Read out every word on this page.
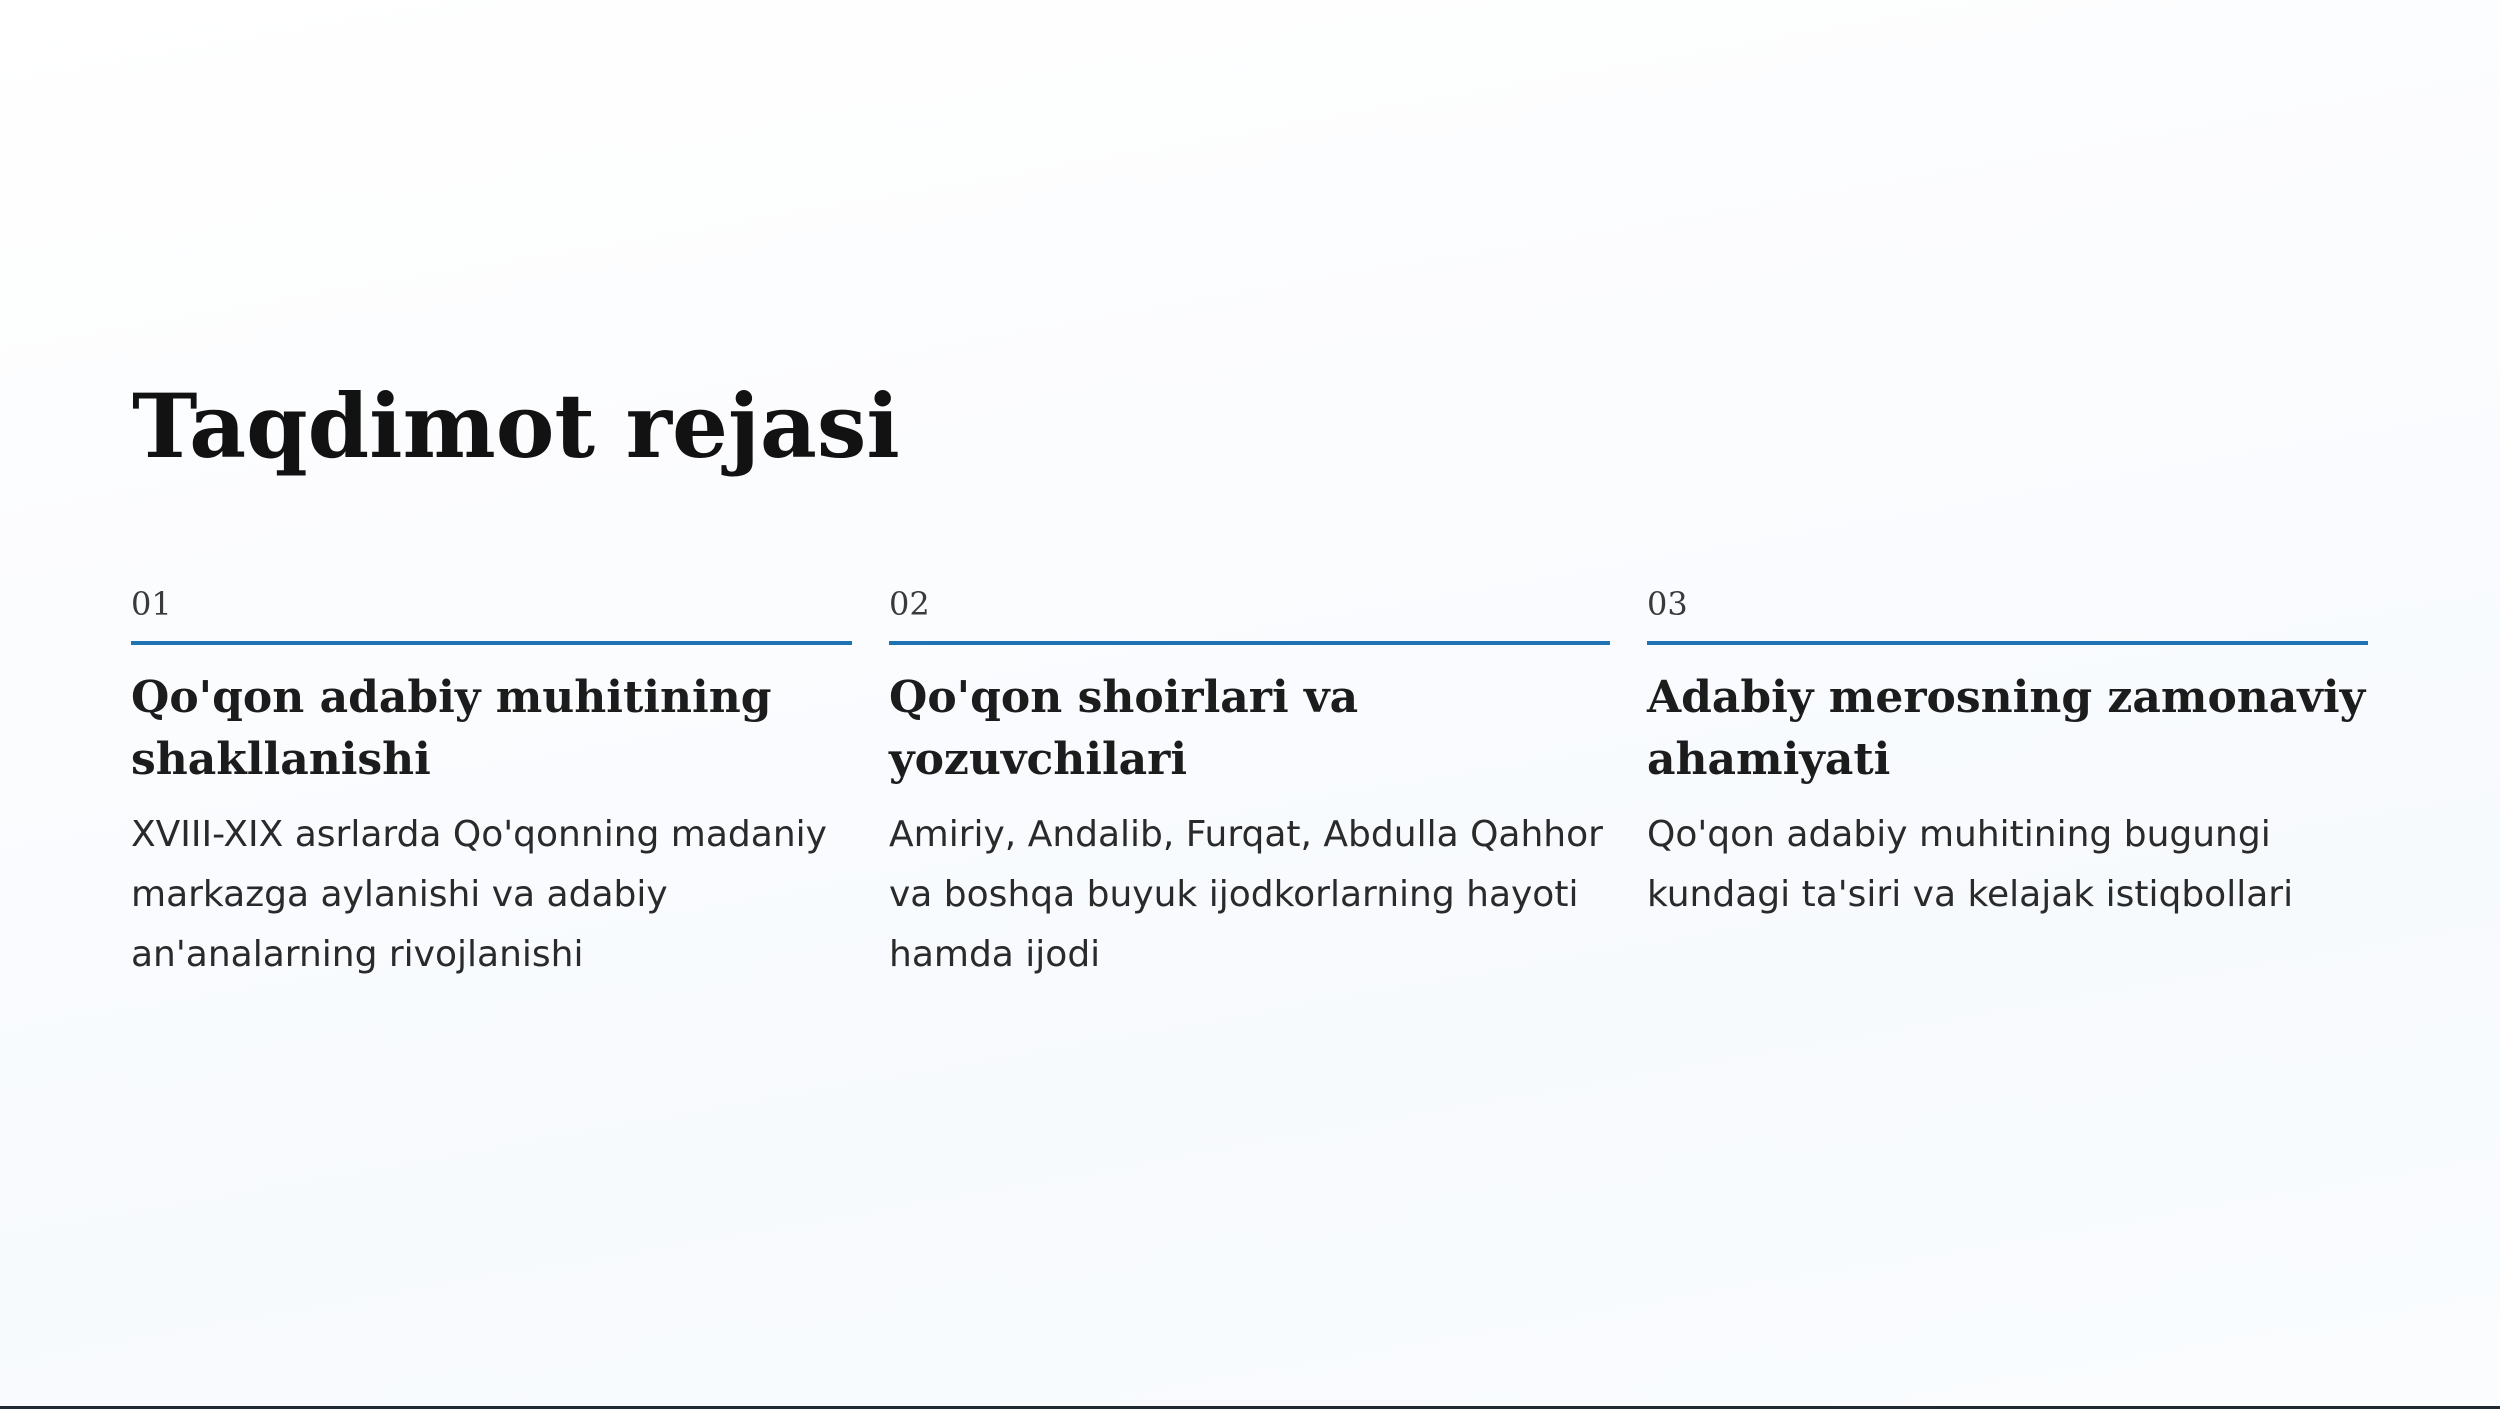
Taqdimot rejasi
01
Qo'qon adabiy muhitining shakllanishi
XVIII-XIX asrlarda Qo'qonning madaniy markazga aylanishi va adabiy an'analarning rivojlanishi
02
Qo'qon shoirlari va yozuvchilari
Amiriy, Andalib, Furqat, Abdulla Qahhor va boshqa buyuk ijodkorlarning hayoti hamda ijodi
03
Adabiy merosning zamonaviy ahamiyati
Qo'qon adabiy muhitining bugungi kundagi ta'siri va kelajak istiqbollari
